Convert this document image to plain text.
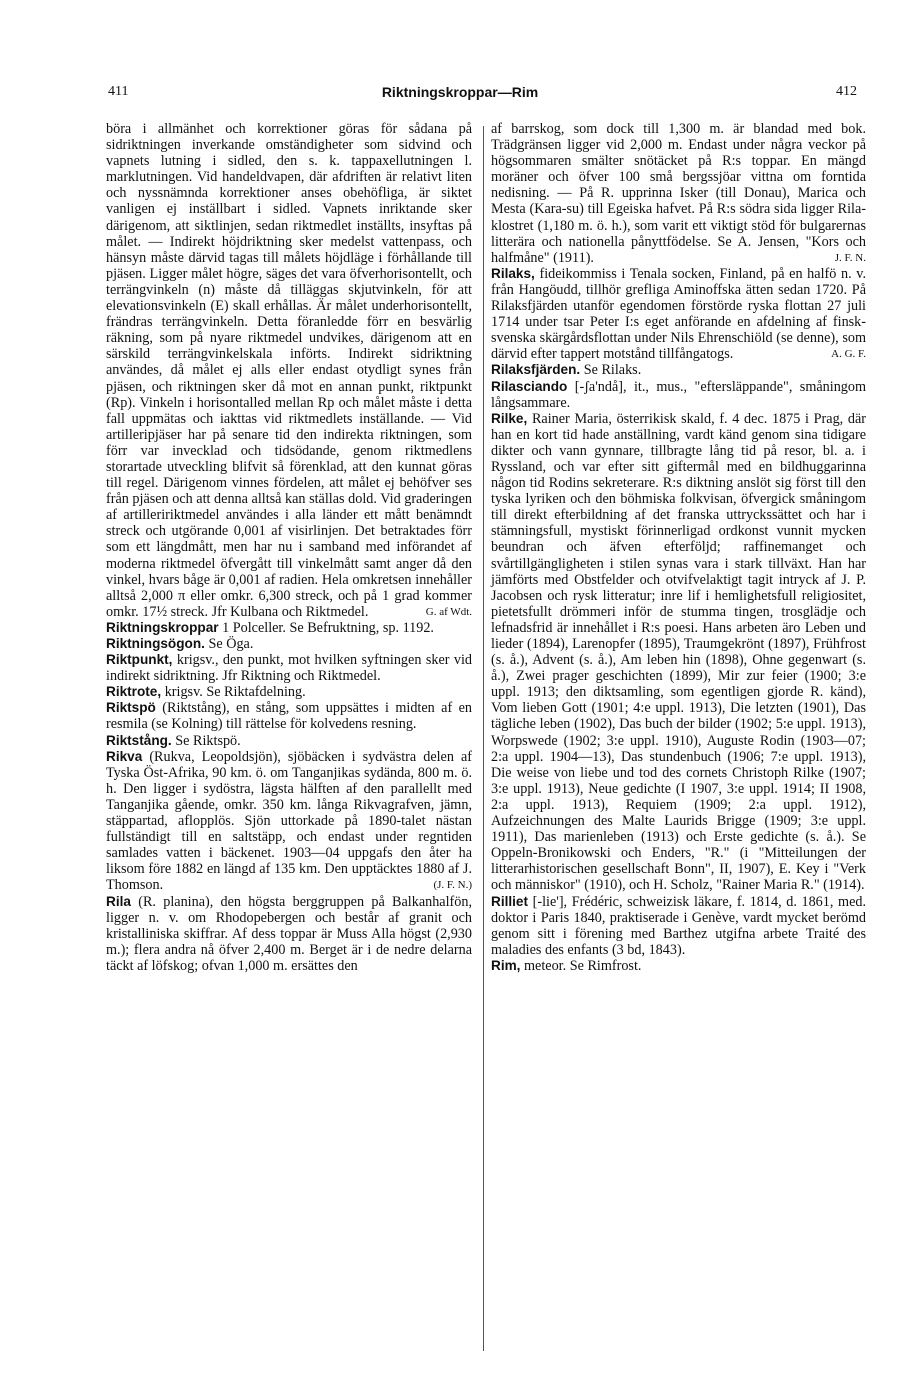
411	Riktningskroppar—Rim	412

böra i allmänhet och korrektioner göras för sådana på sidriktningen inverkande omständigheter som sidvind och vapnets lutning i sidled, den s. k. tappaxellutningen l. marklutningen. Vid handeldvapen, där afdriften är relativt liten och nyssnämnda korrektioner anses obehöfliga, är siktet vanligen ej inställbart i sidled. Vapnets inriktande sker därigenom, att siktlinjen, sedan riktmedlet inställts, insyftas på målet. — Indirekt höjdriktning sker medelst vattenpass, och hänsyn måste därvid tagas till målets höjdläge i förhållande till pjäsen. Ligger målet högre, säges det vara öfverhorisontellt, och terrängvinkeln (n) måste då tilläggas skjutvinkeln, för att elevationsvinkeln (E) skall erhållas. Är målet underhorisontellt, frändras terrängvinkeln. Detta föranledde förr en besvärlig räkning, som på nyare riktmedel undvikes, därigenom att en särskild terrängvinkelskala införts. Indirekt sidriktning användes, då målet ej alls eller endast otydligt synes från pjäsen, och riktningen sker då mot en annan punkt, riktpunkt (Rp). Vinkeln i horisontalled mellan Rp och målet måste i detta fall uppmätas och iakttas vid riktmedlets inställande. — Vid artilleripjäser har på senare tid den indirekta riktningen, som förr var invecklad och tidsödande, genom riktmedlens storartade utveckling blifvit så förenklad, att den kunnat göras till regel. Därigenom vinnes fördelen, att målet ej behöfver ses från pjäsen och att denna alltså kan ställas dold. Vid graderingen af artilleririktmedel användes i alla länder ett mått benämndt streck och utgörande 0,001 af visirlinjen. Det betraktades förr som ett längdmått, men har nu i samband med införandet af moderna riktmedel öfvergått till vinkelmått samt anger då den vinkel, hvars båge är 0,001 af radien. Hela omkretsen innehåller alltså 2,000 π eller omkr. 6,300 streck, och på 1 grad kommer omkr. 17½ streck. Jfr Kulbana och Riktmedel.	G. af Wdt.

Riktningskroppar 1 Polceller. Se Befruktning, sp. 1192.

Riktningsögon. Se Öga.

Riktpunkt, krigsv., den punkt, mot hvilken syftningen sker vid indirekt sidriktning. Jfr Riktning och Riktmedel.

Riktrote, krigsv. Se Riktafdelning.

Riktspö (Riktstång), en stång, som uppsättes i midten af en resmila (se Kolning) till rättelse för kolvedens resning.

Riktstång. Se Riktspö.

Rikva (Rukva, Leopoldsjön), sjöbäcken i sydvästra delen af Tyska Öst-Afrika, 90 km. ö. om Tanganjikas sydända, 800 m. ö. h. Den ligger i sydöstra, lägsta hälften af den parallellt med Tanganjika gående, omkr. 350 km. långa Rikvagrafven, jämn, stäppartad, aflopplös. Sjön uttorkade på 1890-talet nästan fullständigt till en saltstäpp, och endast under regntiden samlades vatten i bäckenet. 1903—04 uppgafs den åter ha liksom före 1882 en längd af 135 km. Den upptäcktes 1880 af J. Thomson.	(J. F. N.)

Rila (R. planina), den högsta berggruppen på Balkanhalfön, ligger n. v. om Rhodopebergen och består af granit och kristalliniska skiffrar. Af dess toppar är Muss Alla högst (2,930 m.); flera andra nå öfver 2,400 m. Berget är i de nedre delarna täckt af löfskog; ofvan 1,000 m. ersättes den

af barrskog, som dock till 1,300 m. är blandad med bok. Trädgränsen ligger vid 2,000 m. Endast under några veckor på högsommaren smälter snötäcket på R:s toppar. En mängd moräner och öfver 100 små bergssjöar vittna om forntida nedisning. — På R. upprinna Isker (till Donau), Marica och Mesta (Kara-su) till Egeiska hafvet. På R:s södra sida ligger Rila-klostret (1,180 m. ö. h.), som varit ett viktigt stöd för bulgarernas litterära och nationella pånyttfödelse. Se A. Jensen, "Kors och halfmåne" (1911).	J. F. N.

Rilaks, fideikommiss i Tenala socken, Finland, på en halfö n. v. från Hangöudd, tillhör grefliga Aminoffska ätten sedan 1720. På Rilaksfjärden utanför egendomen förstörde ryska flottan 27 juli 1714 under tsar Peter I:s eget anförande en afdelning af finsk-svenska skärgårdsflottan under Nils Ehrenschiöld (se denne), som därvid efter tappert motstånd tillfångatogs.	A. G. F.

Rilaksfjärden. Se Rilaks.

Rilasciando [-ʃa'ndå], it., mus., "eftersläppande", småningom långsammare.

Rilke, Rainer Maria, österrikisk skald, f. 4 dec. 1875 i Prag, där han en kort tid hade anställning, vardt känd genom sina tidigare dikter och vann gynnare, tillbragte lång tid på resor, bl. a. i Ryssland, och var efter sitt giftermål med en bildhuggarinna någon tid Rodins sekreterare. R:s diktning anslöt sig först till den tyska lyriken och den böhmiska folkvisan, öfvergick småningom till direkt efterbildning af det franska uttryckssättet och har i stämningsfull, mystiskt förinnerligad ordkonst vunnit mycken beundran och äfven efterföljd; raffinemanget och svårtillgängligheten i stilen synas vara i stark tillväxt. Han har jämförts med Obstfelder och otvifvelaktigt tagit intryck af J. P. Jacobsen och rysk litteratur; inre lif i hemlighetsfull religiositet, pietetsfullt drömmeri inför de stumma tingen, trosglädje och lefnadsfrid är innehållet i R:s poesi. Hans arbeten äro Leben und lieder (1894), Larenopfer (1895), Traumgekrönt (1897), Frühfrost (s. å.), Advent (s. å.), Am leben hin (1898), Ohne gegenwart (s. å.), Zwei prager geschichten (1899), Mir zur feier (1900; 3:e uppl. 1913; den diktsamling, som egentligen gjorde R. känd), Vom lieben Gott (1901; 4:e uppl. 1913), Die letzten (1901), Das tägliche leben (1902), Das buch der bilder (1902; 5:e uppl. 1913), Worpswede (1902; 3:e uppl. 1910), Auguste Rodin (1903—07; 2:a uppl. 1904—13), Das stundenbuch (1906; 7:e uppl. 1913), Die weise von liebe und tod des cornets Christoph Rilke (1907; 3:e uppl. 1913), Neue gedichte (I 1907, 3:e uppl. 1914; II 1908, 2:a uppl. 1913), Requiem (1909; 2:a uppl. 1912), Aufzeichnungen des Malte Laurids Brigge (1909; 3:e uppl. 1911), Das marienleben (1913) och Erste gedichte (s. å.). Se Oppeln-Bronikowski och Enders, "R." (i "Mitteilungen der litterarhistorischen gesellschaft Bonn", II, 1907), E. Key i "Verk och människor" (1910), och H. Scholz, "Rainer Maria R." (1914).

Rilliet [-lie'], Frédéric, schweizisk läkare, f. 1814, d. 1861, med. doktor i Paris 1840, praktiserade i Genève, vardt mycket berömd genom sitt i förening med Barthez utgifna arbete Traité des maladies des enfants (3 bd, 1843).

Rim, meteor. Se Rimfrost.
